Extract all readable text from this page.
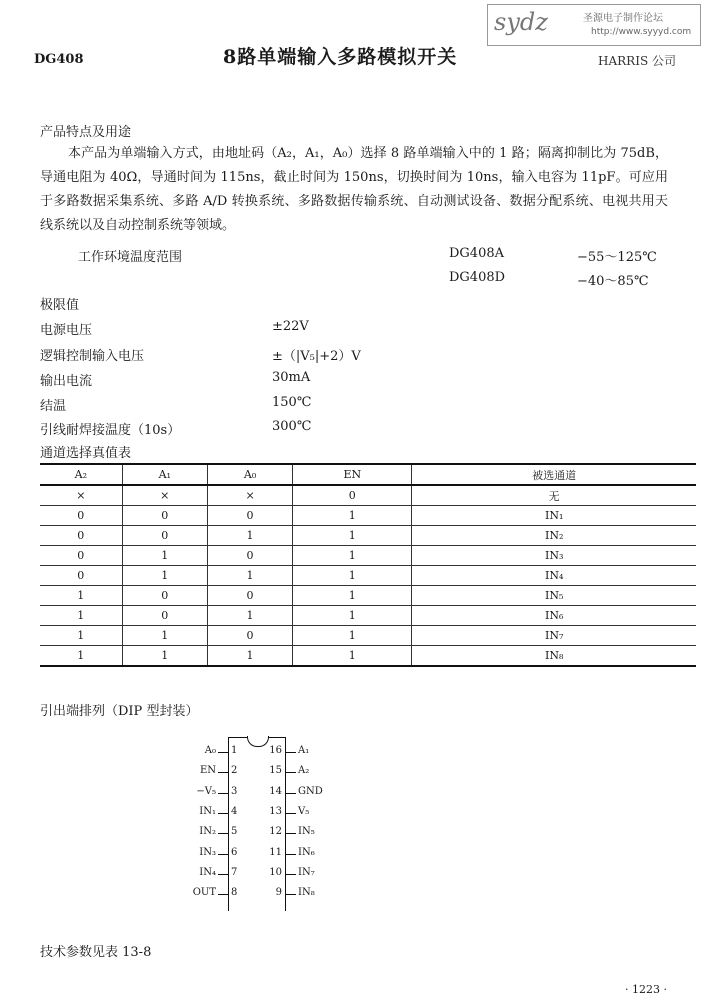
DG408	8路单端输入多路模拟开关
sydz	圣源电子制作论坛
http://www.syyyd.com
HARRIS 公司
产品特点及用途
本产品为单端输入方式，由地址码（A₂，A₁，A₀）选择 8 路单端输入中的 1 路；隔离抑制比为 75dB，导通电阻为 40Ω，导通时间为 115ns，截止时间为 150ns，切换时间为 10ns，输入电容为 11pF。可应用于多路数据采集系统、多路 A/D 转换系统、多路数据传输系统、自动测试设备、数据分配系统、电视共用天线系统以及自动控制系统等领域。
工作环境温度范围	DG408A	−55～125℃
DG408D	−40～85℃
极限值
电源电压	±22V
逻辑控制输入电压	±（|V₅|+2）V
输出电流	30mA
结温	150℃
引线耐焊接温度（10s）	300℃
通道选择真值表
A₂	A₁	A₀	EN	被选通道
×	×	×	0	无
0	0	0	1	IN₁
0	0	1	1	IN₂
0	1	0	1	IN₃
0	1	1	1	IN₄
1	0	0	1	IN₅
1	0	1	1	IN₆
1	1	0	1	IN₇
1	1	1	1	IN₈
引出端排列（DIP 型封装）
A₀ 1
EN 2
−V₅ 3
IN₁ 4
IN₂ 5
IN₃ 6
IN₄ 7
OUT 8
16 A₁
15 A₂
14 GND
13 V₅
12 IN₅
11 IN₆
10 IN₇
9 IN₈
技术参数见表 13-8
· 1223 ·
